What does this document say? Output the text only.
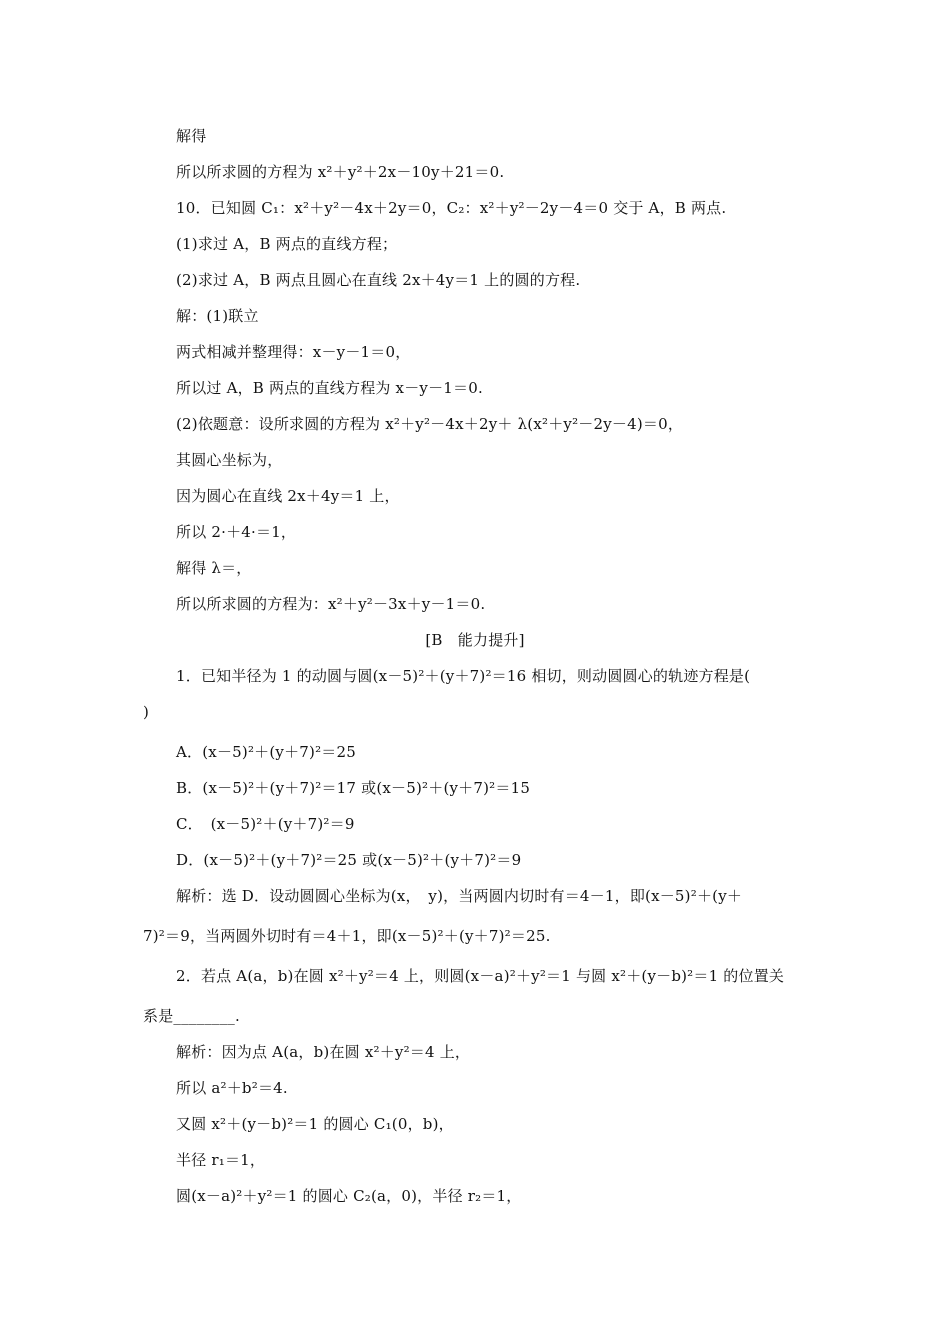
解得
所以所求圆的方程为 x²＋y²＋2x－10y＋21＝0.
10．已知圆 C₁：x²＋y²－4x＋2y＝0，C₂：x²＋y²－2y－4＝0 交于 A，B 两点.
(1)求过 A，B 两点的直线方程；
(2)求过 A，B 两点且圆心在直线 2x＋4y＝1 上的圆的方程.
解：(1)联立
两式相减并整理得：x－y－1＝0，
所以过 A，B 两点的直线方程为 x－y－1＝0.
(2)依题意：设所求圆的方程为 x²＋y²－4x＋2y＋ λ(x²＋y²－2y－4)＝0，
其圆心坐标为，
因为圆心在直线 2x＋4y＝1 上，
所以 2·＋4·＝1，
解得 λ＝，
所以所求圆的方程为：x²＋y²－3x＋y－1＝0.
[B　能力提升]
1．已知半径为 1 的动圆与圆(x－5)²＋(y＋7)²＝16 相切，则动圆圆心的轨迹方程是(
)
A．(x－5)²＋(y＋7)²＝25
B．(x－5)²＋(y＋7)²＝17 或(x－5)²＋(y＋7)²＝15
C．　(x－5)²＋(y＋7)²＝9
D．(x－5)²＋(y＋7)²＝25 或(x－5)²＋(y＋7)²＝9
解析：选 D．设动圆圆心坐标为(x，　y)，当两圆内切时有＝4－1，即(x－5)²＋(y＋
7)²＝9，当两圆外切时有＝4＋1，即(x－5)²＋(y＋7)²＝25.
2．若点 A(a，b)在圆 x²＋y²＝4 上，则圆(x－a)²＋y²＝1 与圆 x²＋(y－b)²＝1 的位置关
系是________.
解析：因为点 A(a，b)在圆 x²＋y²＝4 上，
所以 a²＋b²＝4.
又圆 x²＋(y－b)²＝1 的圆心 C₁(0，b)，
半径 r₁＝1，
圆(x－a)²＋y²＝1 的圆心 C₂(a，0)，半径 r₂＝1，
